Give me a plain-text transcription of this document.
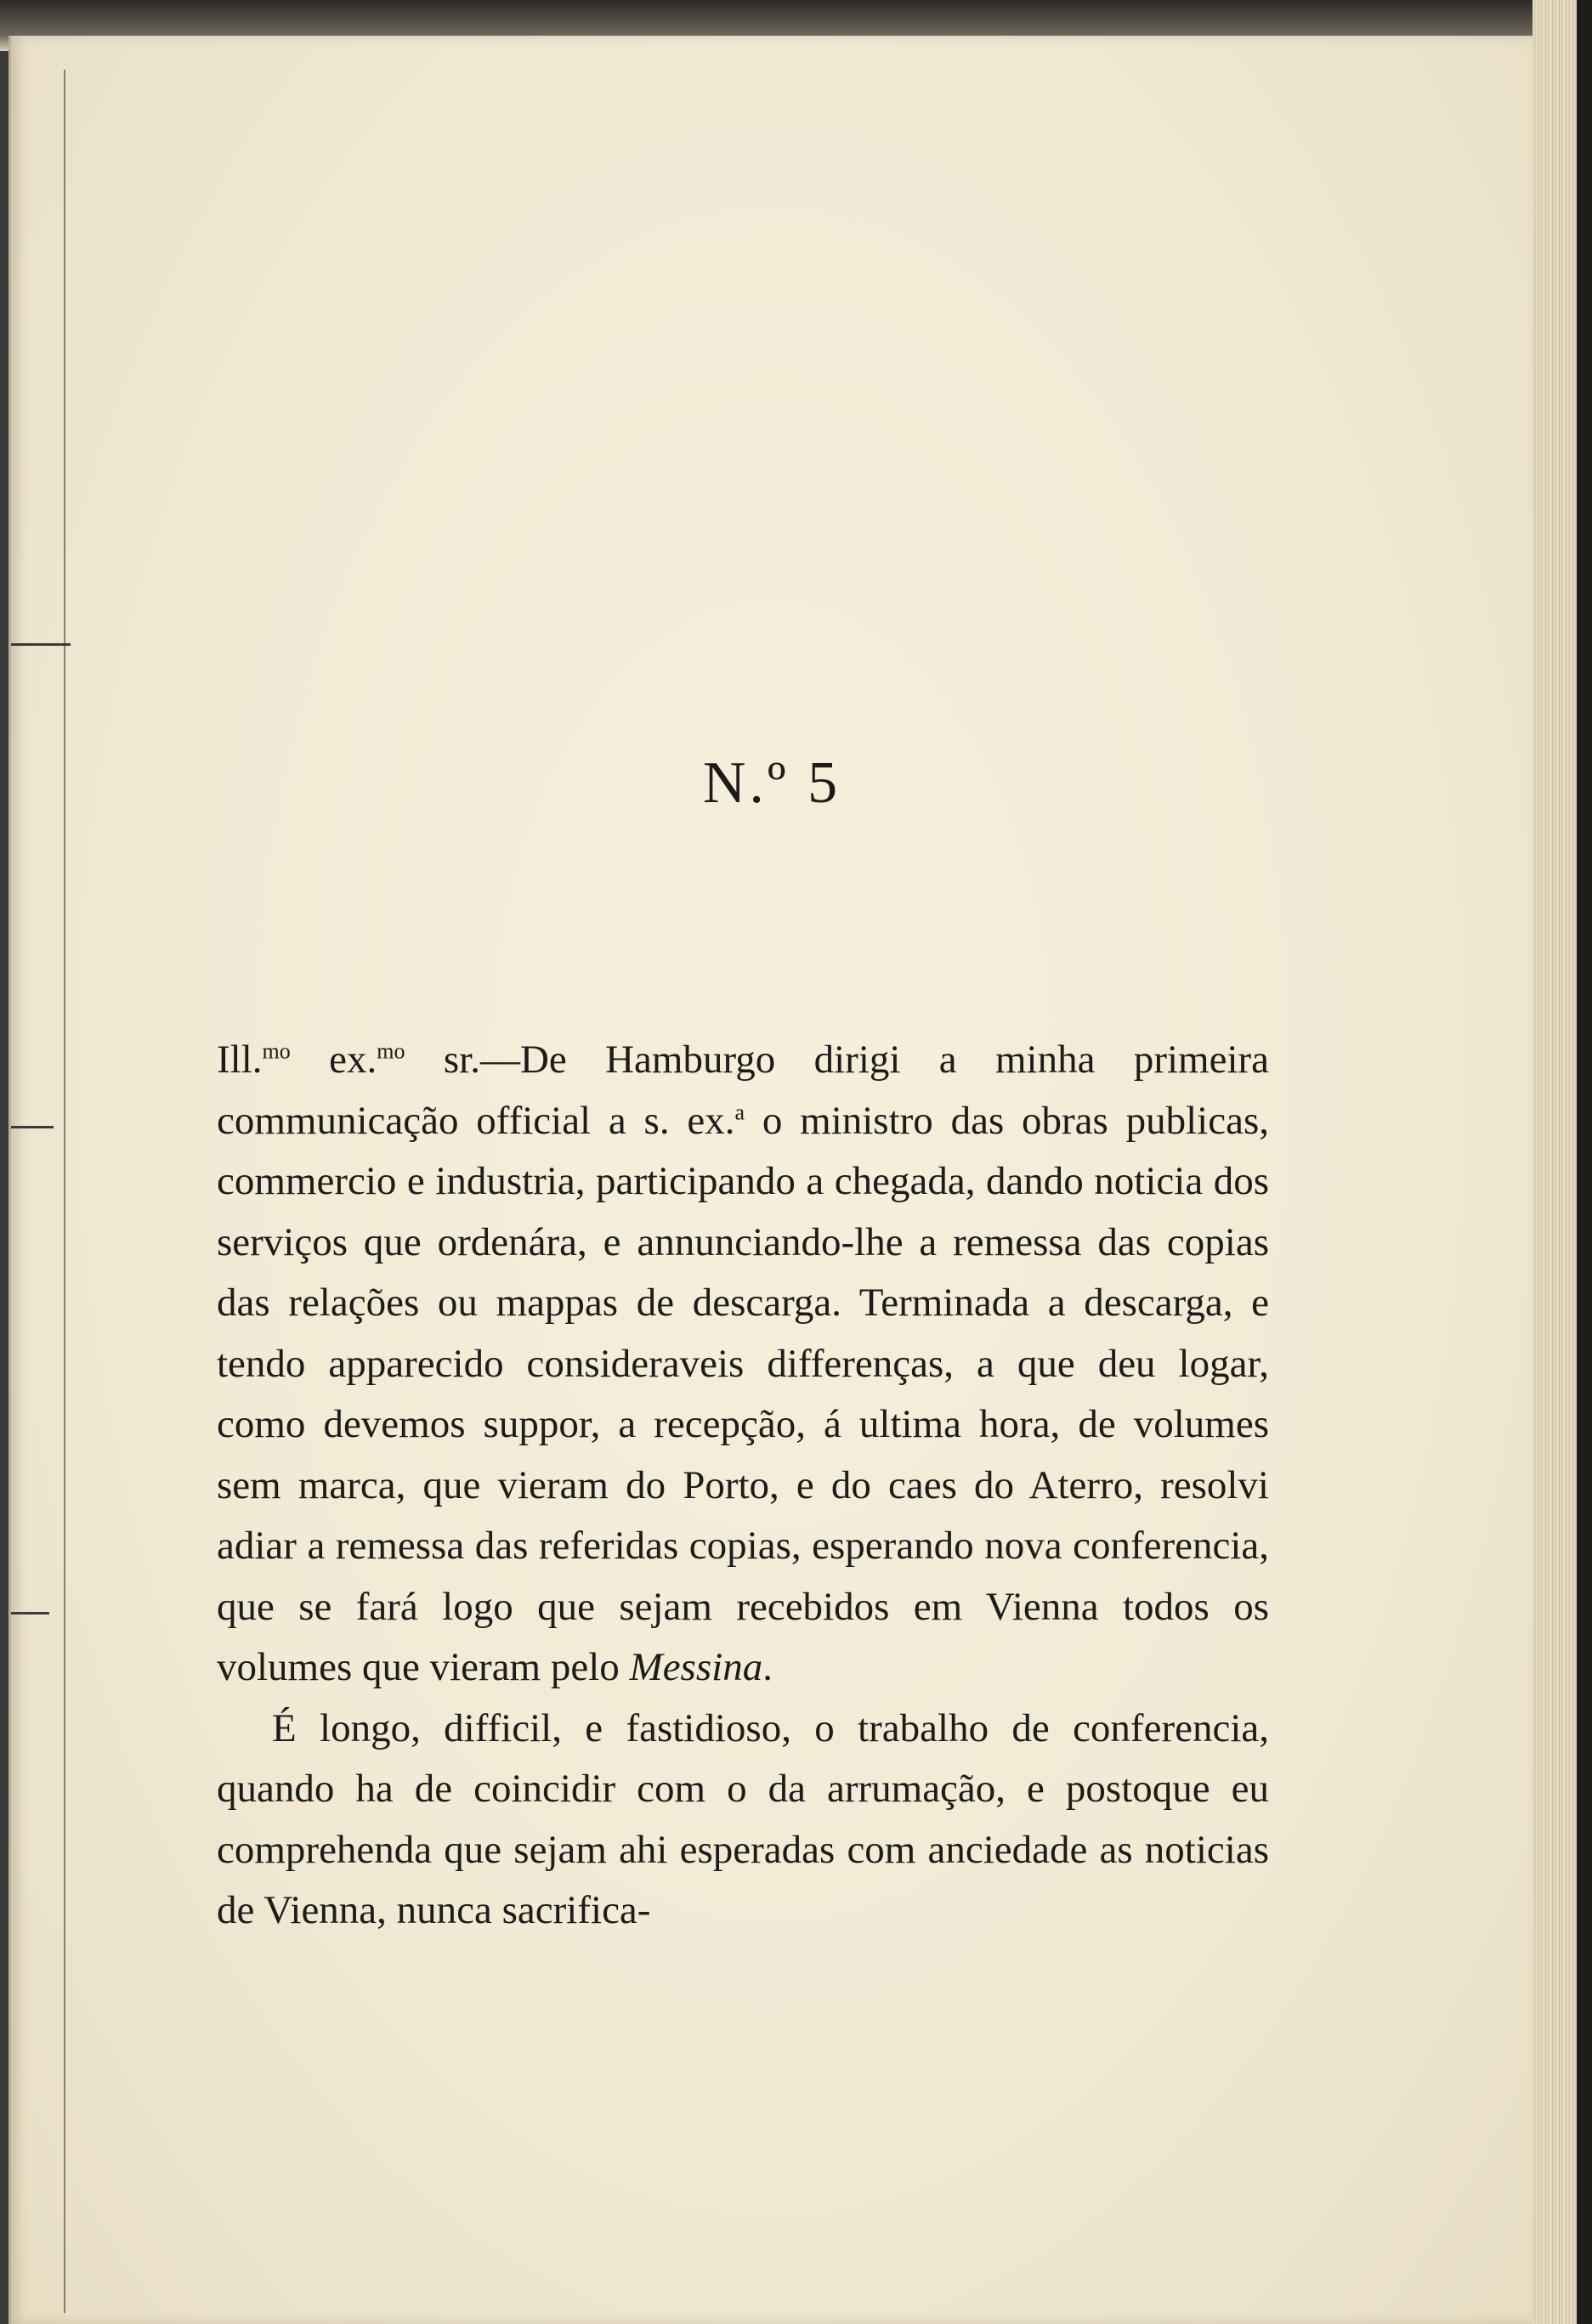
N.º 5

Ill.$^{mo}$ ex.$^{mo}$ sr.—De Hamburgo dirigi a minha primeira communicação official a s. ex.$^a$ o ministro das obras publicas, commercio e industria, participando a chegada, dando noticia dos serviços que ordenára, e annunciando-lhe a remessa das copias das relações ou mappas de descarga. Terminada a descarga, e tendo apparecido consideraveis differenças, a que deu logar, como devemos suppor, a recepção, á ultima hora, de volumes sem marca, que vieram do Porto, e do caes do Aterro, resolvi adiar a remessa das referidas copias, esperando nova conferencia, que se fará logo que sejam recebidos em Vienna todos os volumes que vieram pelo Messina.

É longo, difficil, e fastidioso, o trabalho de conferencia, quando ha de coincidir com o da arrumação, e postoque eu comprehenda que sejam ahi esperadas com anciedade as noticias de Vienna, nunca sacrifica-
